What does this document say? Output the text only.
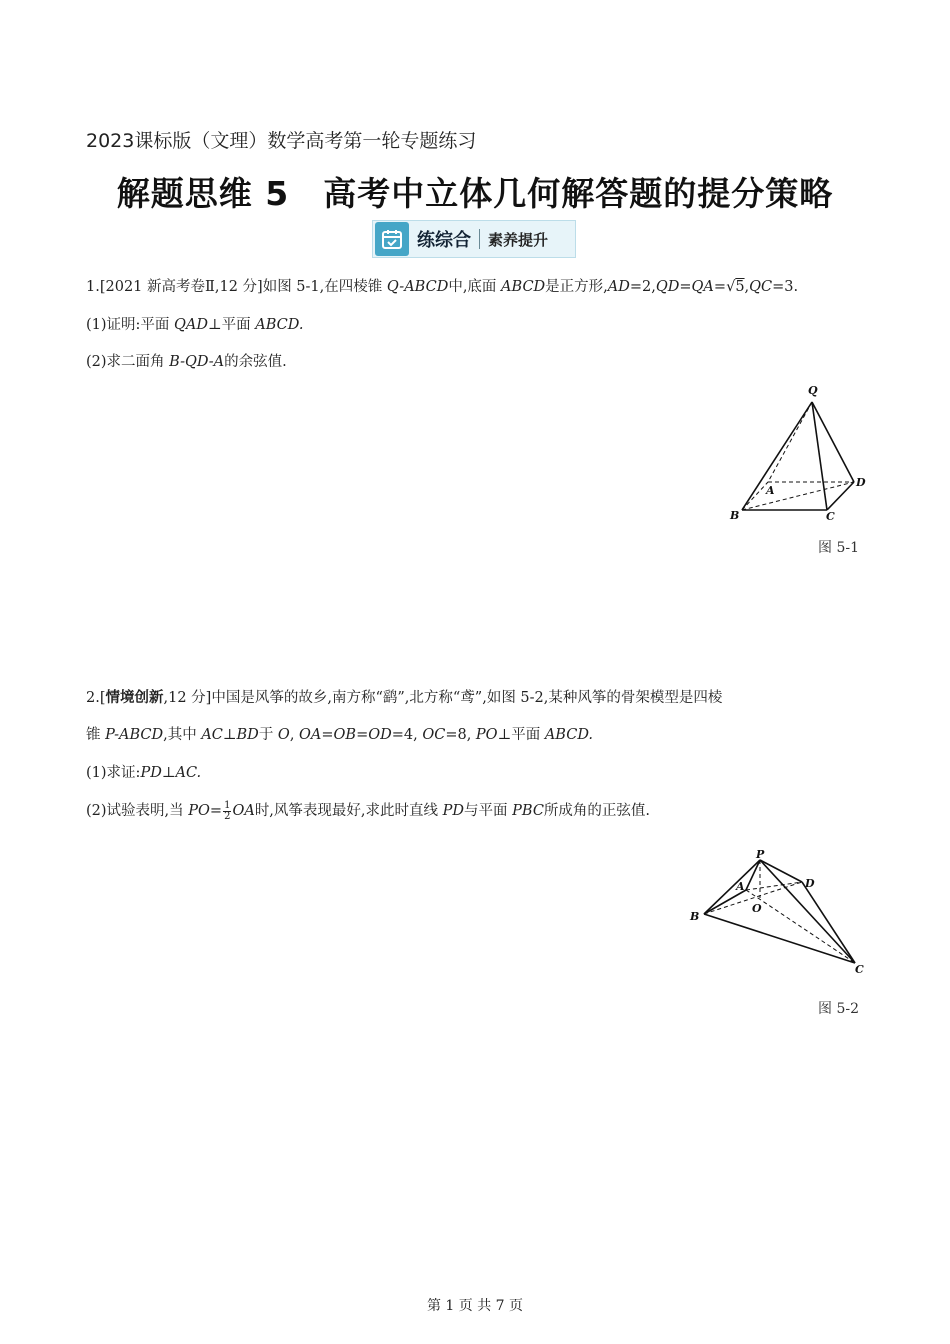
2023课标版（文理）数学高考第一轮专题练习
解题思维 5　高考中立体几何解答题的提分策略
练综合 素养提升
1.[2021 新高考卷Ⅱ,12 分]如图 5-1,在四棱锥 Q-ABCD中,底面 ABCD是正方形,AD=2,QD=QA=√5,QC=3.
(1)证明:平面 QAD⊥平面 ABCD.
(2)求二面角 B-QD-A的余弦值.
Q
A
B	C
D
图 5-1
2.[情境创新,12 分]中国是风筝的故乡,南方称“鹞”,北方称“鸢”,如图 5-2,某种风筝的骨架模型是四棱
锥 P-ABCD,其中 AC⊥BD于 O, OA=OB=OD=4, OC=8, PO⊥平面 ABCD.
(1)求证:PD⊥AC.
(2)试验表明,当 $PO= \frac{1}{2}$ OA时,风筝表现最好,求此时直线 PD与平面 PBC所成角的正弦值.
P
A
B
C
D
O
图 5-2
第 1 页 共 7 页
